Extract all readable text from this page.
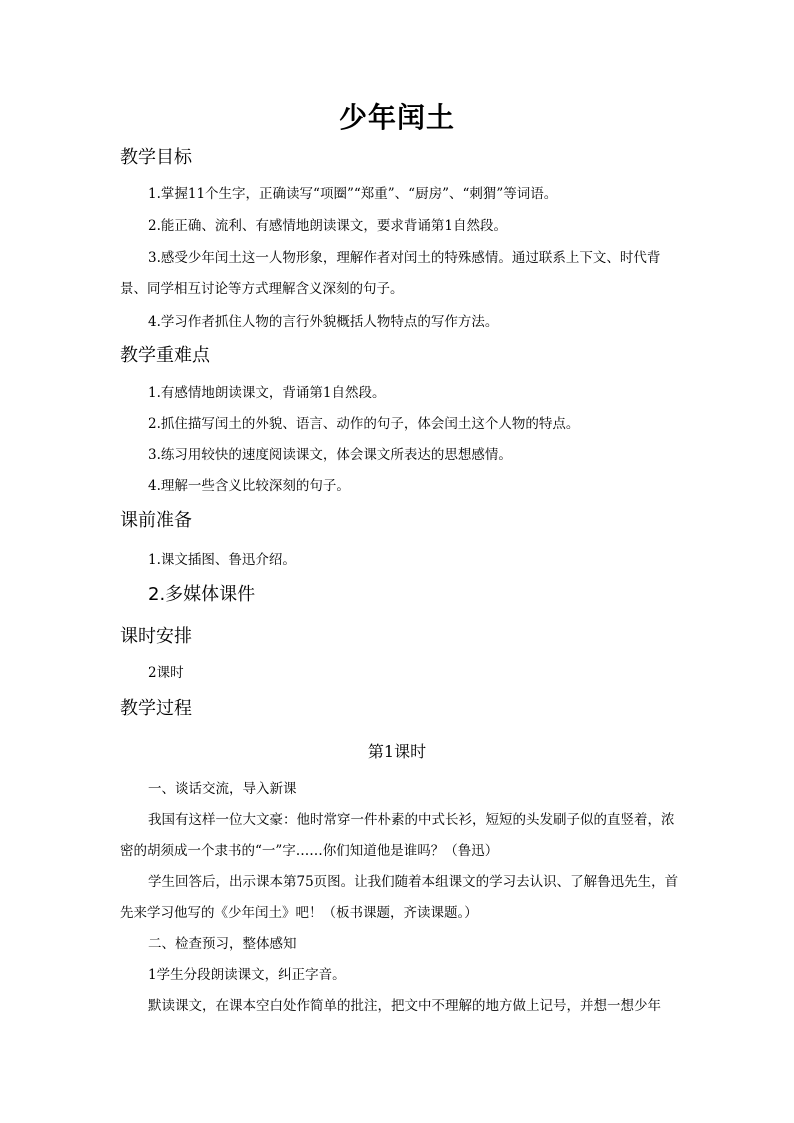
少年闰土
教学目标
1.掌握11个生字，正确读写“项圈”“郑重”、“厨房”、“刺猬”等词语。
2.能正确、流利、有感情地朗读课文，要求背诵第1自然段。
3.感受少年闰土这一人物形象，理解作者对闰土的特殊感情。通过联系上下文、时代背景、同学相互讨论等方式理解含义深刻的句子。
4.学习作者抓住人物的言行外貌概括人物特点的写作方法。
教学重难点
1.有感情地朗读课文，背诵第1自然段。
2.抓住描写闰土的外貌、语言、动作的句子，体会闰土这个人物的特点。
3.练习用较快的速度阅读课文，体会课文所表达的思想感情。
4.理解一些含义比较深刻的句子。
课前准备
1.课文插图、鲁迅介绍。
2.多媒体课件
课时安排
2课时
教学过程
第1课时
一、谈话交流，导入新课
我国有这样一位大文豪：他时常穿一件朴素的中式长衫，短短的头发刷子似的直竖着，浓密的胡须成一个隶书的“一”字……你们知道他是谁吗？（鲁迅）
学生回答后，出示课本第75页图。让我们随着本组课文的学习去认识、了解鲁迅先生，首先来学习他写的《少年闰土》吧！（板书课题，齐读课题。）
二、检查预习，整体感知
1学生分段朗读课文，纠正字音。
默读课文，在课本空白处作简单的批注，把文中不理解的地方做上记号，并想一想少年
